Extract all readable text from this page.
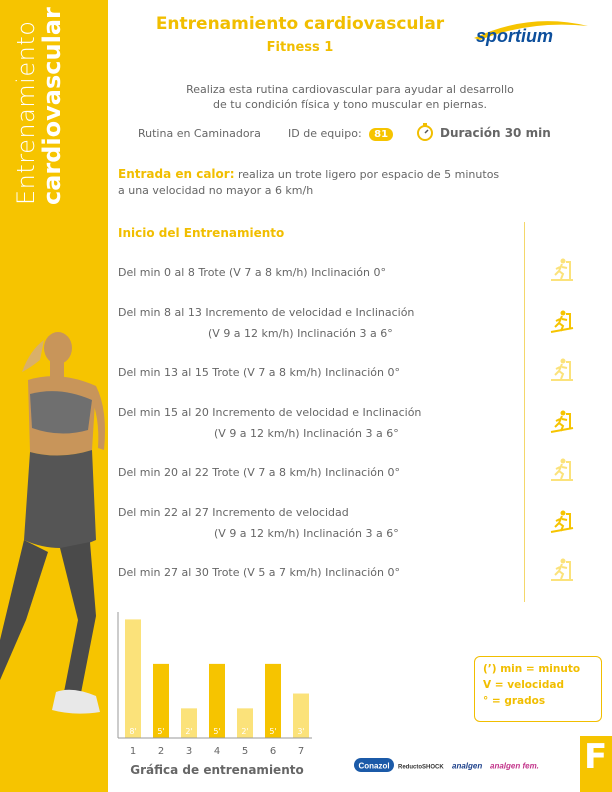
Entrenamiento
cardiovascular	Entrenamiento cardiovascular
Fitness 1
sportium
Realiza esta rutina cardiovascular para ayudar al desarrollo
de tu condición física y tono muscular en piernas.
Rutina en Caminadora ID de equipo: 81	Duración 30 min
Entrada en calor: realiza un trote ligero por espacio de 5 minutos
a una velocidad no mayor a 6 km/h
Inicio del Entrenamiento
Del min 0 al 8 Trote (V 7 a 8 km/h) Inclinación 0°
Del min 8 al 13 Incremento de velocidad e Inclinación
(V 9 a 12 km/h) Inclinación 3 a 6°
Del min 13 al 15 Trote (V 7 a 8 km/h) Inclinación 0°
Del min 15 al 20 Incremento de velocidad e Inclinación
(V 9 a 12 km/h) Inclinación 3 a 6°
Del min 20 al 22 Trote (V 7 a 8 km/h) Inclinación 0°
Del min 22 al 27 Incremento de velocidad
(V 9 a 12 km/h) Inclinación 3 a 6°
Del min 27 al 30 Trote (V 5 a 7 km/h) Inclinación 0°
8'	5'	2'	5'	2'	5'	3'
1 2 3 4 5 6 7
Gráfica de entrenamiento
(’) min = minuto
V = velocidad
° = grados
Conazol ReductoSHOCK analgen analgen fem. F
